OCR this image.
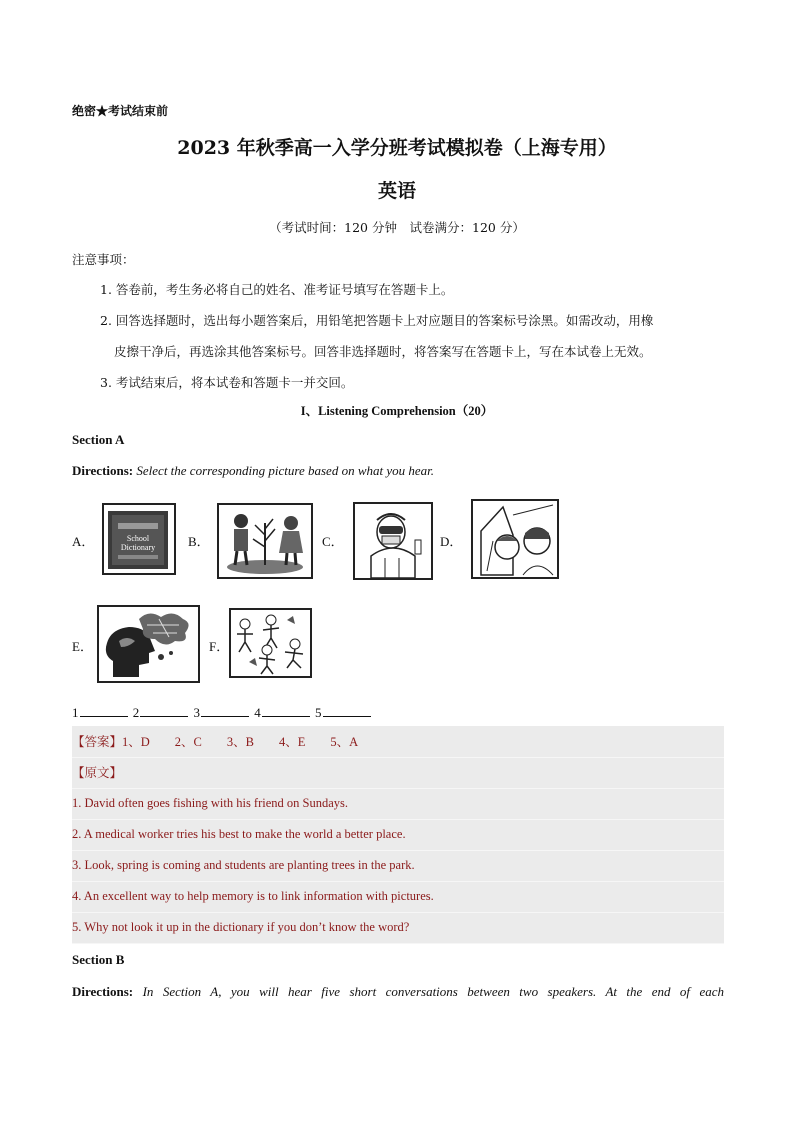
绝密★考试结束前
2023 年秋季高一入学分班考试模拟卷（上海专用）
英语
（考试时间：120 分钟　试卷满分：120 分）
注意事项：
1. 答卷前，考生务必将自己的姓名、准考证号填写在答题卡上。
2. 回答选择题时，选出每小题答案后，用铅笔把答题卡上对应题目的答案标号涂黑。如需改动，用橡
皮擦干净后，再选涂其他答案标号。回答非选择题时，将答案写在答题卡上，写在本试卷上无效。
3. 考试结束后，将本试卷和答题卡一并交回。
I、Listening Comprehension（20）
Section A
Directions: Select the corresponding picture based on what you hear.
A．	School
Dictionary	B．	C．	D．
E．	F．
1	2	3	4	5
【答案】1、D　　2、C　　3、B　　4、E　　5、A
【原文】
1. David often goes fishing with his friend on Sundays.
2. A medical worker tries his best to make the world a better place.
3. Look, spring is coming and students are planting trees in the park.
4. An excellent way to help memory is to link information with pictures.
5. Why not look it up in the dictionary if you don’t know the word?
Section B
Directions: In Section A, you will hear five short conversations between two speakers. At the end of each
